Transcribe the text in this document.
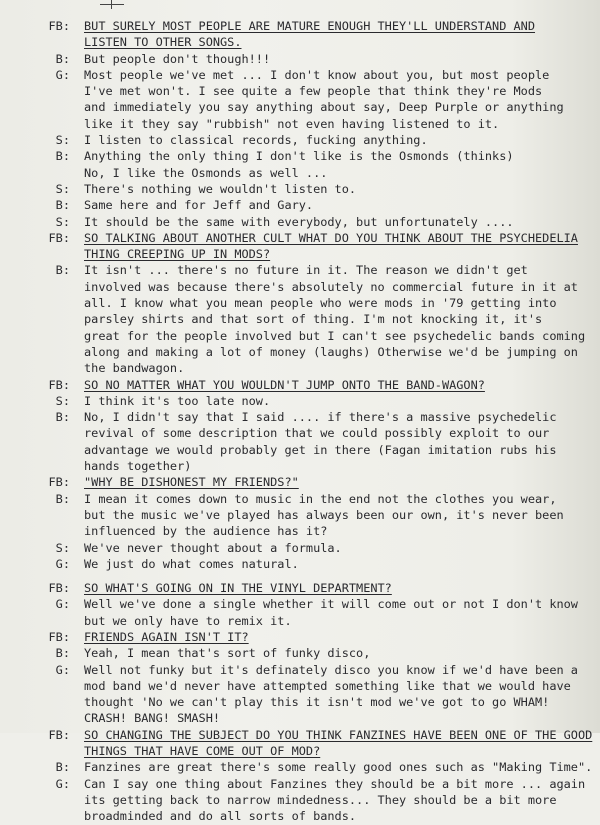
FB: BUT SURELY MOST PEOPLE ARE MATURE ENOUGH THEY'LL UNDERSTAND AND
LISTEN TO OTHER SONGS.
B: But people don't though!!!
G: Most people we've met ... I don't know about you, but most people
I've met won't. I see quite a few people that think they're Mods
and immediately you say anything about say, Deep Purple or anything
like it they say "rubbish" not even having listened to it.
S: I listen to classical records, fucking anything.
B: Anything the only thing I don't like is the Osmonds (thinks)
No, I like the Osmonds as well ...
S: There's nothing we wouldn't listen to.
B: Same here and for Jeff and Gary.
S: It should be the same with everybody, but unfortunately ....
FB: SO TALKING ABOUT ANOTHER CULT WHAT DO YOU THINK ABOUT THE PSYCHEDELIA
THING CREEPING UP IN MODS?
B: It isn't ... there's no future in it. The reason we didn't get
involved was because there's absolutely no commercial future in it at
all. I know what you mean people who were mods in '79 getting into
parsley shirts and that sort of thing. I'm not knocking it, it's
great for the people involved but I can't see psychedelic bands coming
along and making a lot of money (laughs) Otherwise we'd be jumping on
the bandwagon.
FB: SO NO MATTER WHAT YOU WOULDN'T JUMP ONTO THE BAND-WAGON?
S: I think it's too late now.
B: No, I didn't say that I said .... if there's a massive psychedelic
revival of some description that we could possibly exploit to our
advantage we would probably get in there (Fagan imitation rubs his
hands together)
FB: "WHY BE DISHONEST MY FRIENDS?"
B: I mean it comes down to music in the end not the clothes you wear,
but the music we've played has always been our own, it's never been
influenced by the audience has it?
S: We've never thought about a formula.
G: We just do what comes natural.
FB: SO WHAT'S GOING ON IN THE VINYL DEPARTMENT?
G: Well we've done a single whether it will come out or not I don't know
but we only have to remix it.
FB: FRIENDS AGAIN ISN'T IT?
B: Yeah, I mean that's sort of funky disco,
G: Well not funky but it's definately disco you know if we'd have been a
mod band we'd never have attempted something like that we would have
thought 'No we can't play this it isn't mod we've got to go WHAM!
CRASH! BANG! SMASH!
FB: SO CHANGING THE SUBJECT DO YOU THINK FANZINES HAVE BEEN ONE OF THE GOOD
THINGS THAT HAVE COME OUT OF MOD?
B: Fanzines are great there's some really good ones such as "Making Time".
G: Can I say one thing about Fanzines they should be a bit more ... again
its getting back to narrow mindedness... They should be a bit more
broadminded and do all sorts of bands.
